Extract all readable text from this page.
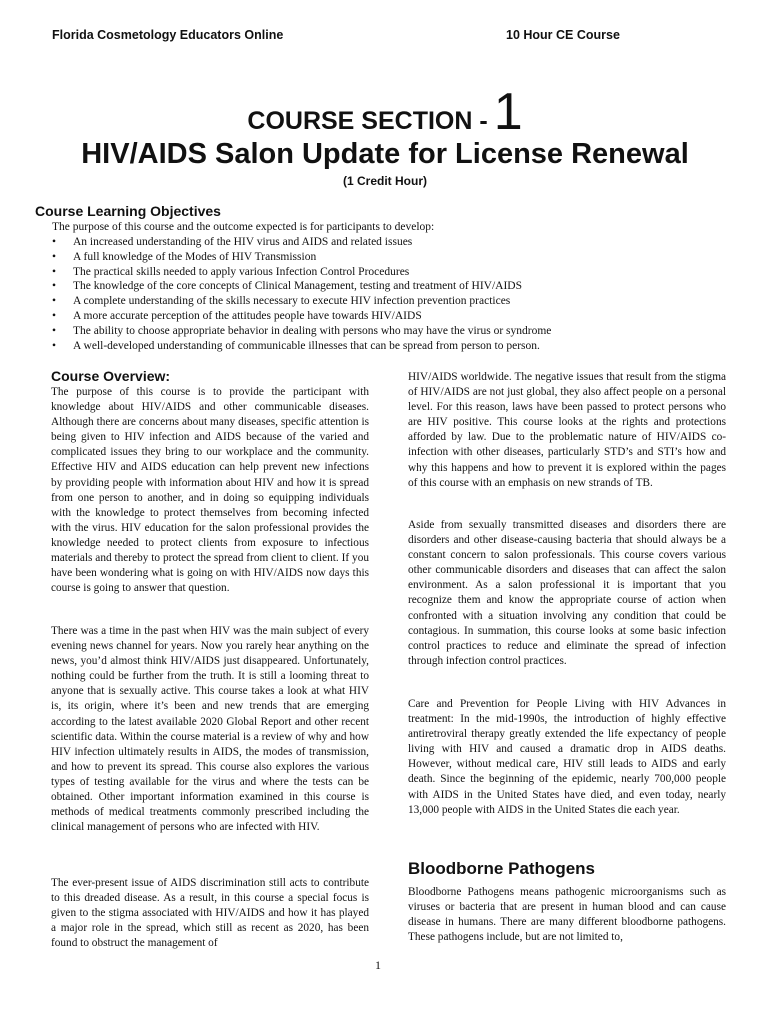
Florida Cosmetology Educators Online	10 Hour CE Course
COURSE SECTION - 1
HIV/AIDS Salon Update for License Renewal
(1 Credit Hour)
Course Learning Objectives
The purpose of this course and the outcome expected is for participants to develop:
• An increased understanding of the HIV virus and AIDS and related issues
• A full knowledge of the Modes of HIV Transmission
• The practical skills needed to apply various Infection Control Procedures
• The knowledge of the core concepts of Clinical Management, testing and treatment of HIV/AIDS
• A complete understanding of the skills necessary to execute HIV infection prevention practices
• A more accurate perception of the attitudes people have towards HIV/AIDS
• The ability to choose appropriate behavior in dealing with persons who may have the virus or syndrome
• A well-developed understanding of communicable illnesses that can be spread from person to person.
Course Overview:

The purpose of this course is to provide the participant with knowledge about HIV/AIDS and other communicable diseases. Although there are concerns about many diseases, specific attention is being given to HIV infection and AIDS because of the varied and complicated issues they bring to our workplace and the community. Effective HIV and AIDS education can help prevent new infections by providing people with information about HIV and how it is spread from one person to another, and in doing so equipping individuals with the knowledge to protect themselves from becoming infected with the virus. HIV education for the salon professional provides the knowledge needed to protect clients from exposure to infectious materials and thereby to protect the spread from client to client. If you have been wondering what is going on with HIV/AIDS now days this course is going to answer that question.

There was a time in the past when HIV was the main subject of every evening news channel for years. Now you rarely hear anything on the news, you’d almost think HIV/AIDS just disappeared. Unfortunately, nothing could be further from the truth. It is still a looming threat to anyone that is sexually active. This course takes a look at what HIV is, its origin, where it’s been and new trends that are emerging according to the latest available 2020 Global Report and other recent scientific data. Within the course material is a review of why and how HIV infection ultimately results in AIDS, the modes of transmission, and how to prevent its spread. This course also explores the various types of testing available for the virus and where the tests can be obtained. Other important information examined in this course is methods of medical treatments commonly prescribed including the clinical management of persons who are infected with HIV.

The ever-present issue of AIDS discrimination still acts to contribute to this dreaded disease. As a result, in this course a special focus is given to the stigma associated with HIV/AIDS and how it has played a major role in the spread, which still as recent as 2020, has been found to obstruct the management of

HIV/AIDS worldwide. The negative issues that result from the stigma of HIV/AIDS are not just global, they also affect people on a personal level. For this reason, laws have been passed to protect persons who are HIV positive. This course looks at the rights and protections afforded by law. Due to the problematic nature of HIV/AIDS co-infection with other diseases, particularly STD’s and STI’s how and why this happens and how to prevent it is explored within the pages of this course with an emphasis on new strands of TB.

Aside from sexually transmitted diseases and disorders there are disorders and other disease-causing bacteria that should always be a constant concern to salon professionals. This course covers various other communicable disorders and diseases that can affect the salon environment. As a salon professional it is important that you recognize them and know the appropriate course of action when confronted with a situation involving any condition that could be contagious. In summation, this course looks at some basic infection control practices to reduce and eliminate the spread of infection through infection control practices.

Care and Prevention for People Living with HIV Advances in treatment: In the mid-1990s, the introduction of highly effective antiretroviral therapy greatly extended the life expectancy of people living with HIV and caused a dramatic drop in AIDS deaths. However, without medical care, HIV still leads to AIDS and early death. Since the beginning of the epidemic, nearly 700,000 people with AIDS in the United States have died, and even today, nearly 13,000 people with AIDS in the United States die each year.

Bloodborne Pathogens

Bloodborne Pathogens means pathogenic microorganisms such as viruses or bacteria that are present in human blood and can cause disease in humans. There are many different bloodborne pathogens. These pathogens include, but are not limited to,

1
